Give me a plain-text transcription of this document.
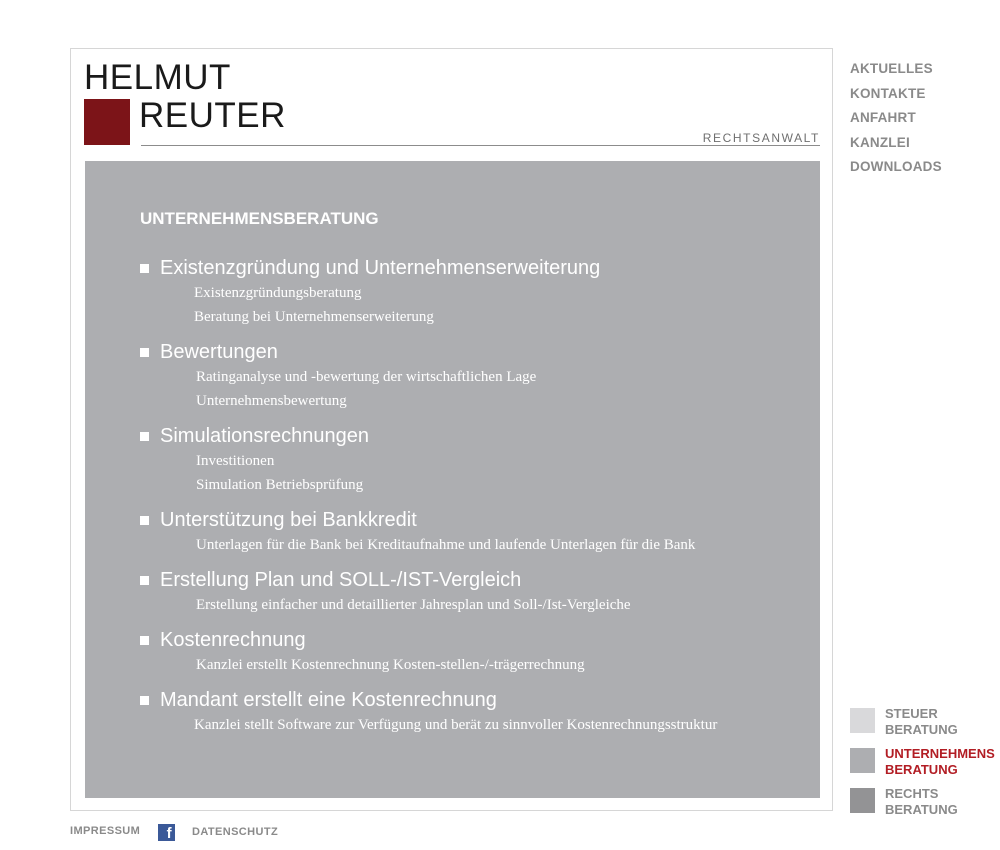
HELMUT
REUTER
RECHTSANWALT
UNTERNEHMENSBERATUNG
Existenzgründung und Unternehmenserweiterung
Existenzgründungsberatung
Beratung bei Unternehmenserweiterung
Bewertungen
Ratinganalyse und -bewertung der wirtschaftlichen Lage
Unternehmensbewertung
Simulationsrechnungen
Investitionen
Simulation Betriebsprüfung
Unterstützung bei Bankkredit
Unterlagen für die Bank bei Kreditaufnahme und laufende Unterlagen für die Bank
Erstellung Plan und SOLL-/IST-Vergleich
Erstellung einfacher und detaillierter Jahresplan und Soll-/Ist-Vergleiche
Kostenrechnung
Kanzlei erstellt Kostenrechnung Kosten-stellen-/-trägerrechnung
Mandant erstellt eine Kostenrechnung
Kanzlei stellt Software zur Verfügung und berät zu sinnvoller Kostenrechnungsstruktur
AKTUELLES
KONTAKTE
ANFAHRT
KANZLEI
DOWNLOADS
STEUER
BERATUNG
UNTERNEHMENS
BERATUNG
RECHTS
BERATUNG
IMPRESSUM	f DATENSCHUTZ
